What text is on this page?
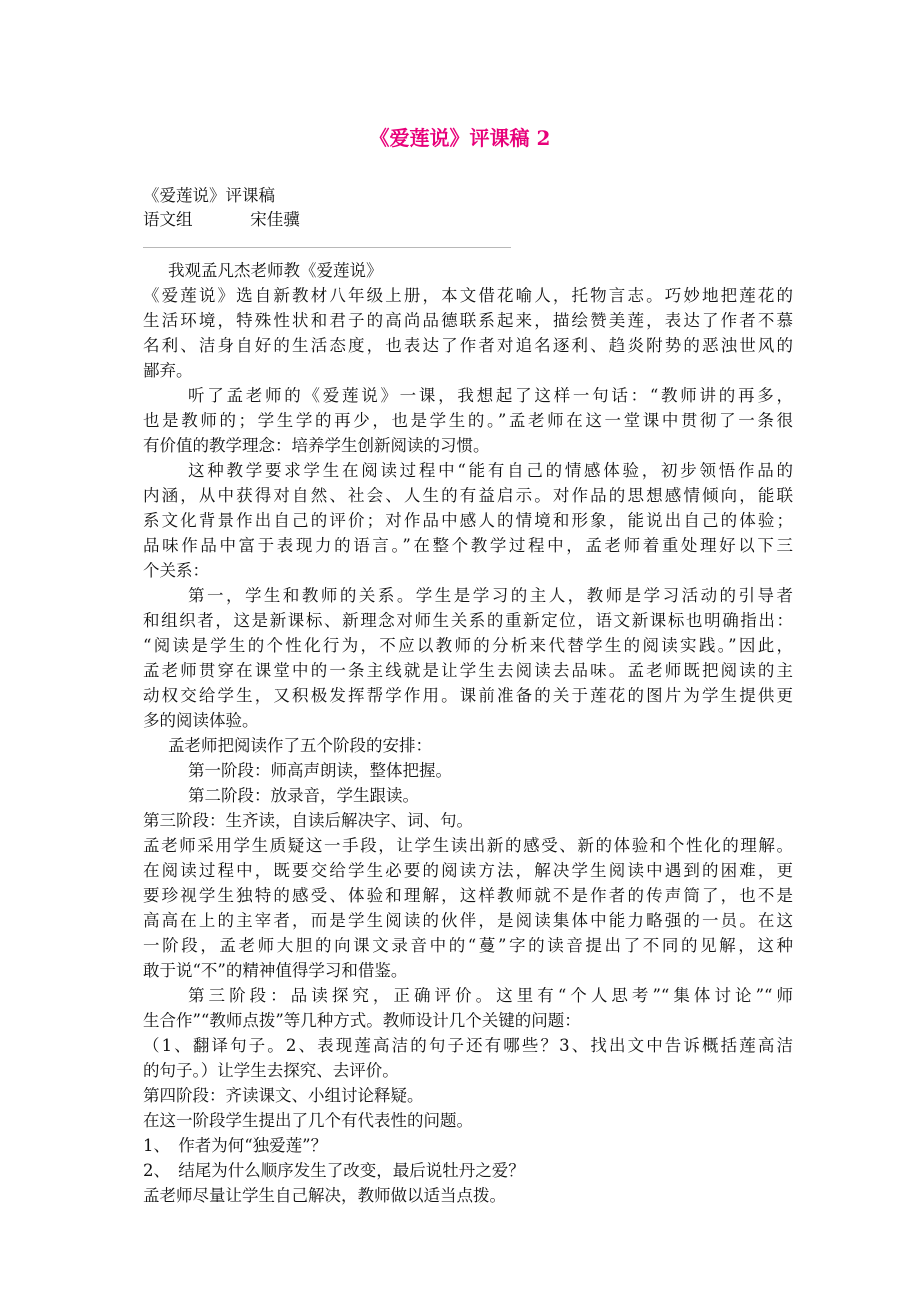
《爱莲说》评课稿 2
《爱莲说》评课稿
语文组　　　 宋佳骥
我观孟凡杰老师教《爱莲说》
《爱莲说》选自新教材八年级上册，本文借花喻人，托物言志。巧妙地把莲花的
生活环境，特殊性状和君子的高尚品德联系起来，描绘赞美莲，表达了作者不慕
名利、洁身自好的生活态度，也表达了作者对追名逐利、趋炎附势的恶浊世风的
鄙弃。
听了孟老师的《爱莲说》一课，我想起了这样一句话：“教师讲的再多，
也是教师的；学生学的再少，也是学生的。”孟老师在这一堂课中贯彻了一条很
有价值的教学理念：培养学生创新阅读的习惯。
这种教学要求学生在阅读过程中“能有自己的情感体验，初步领悟作品的
内涵，从中获得对自然、社会、人生的有益启示。对作品的思想感情倾向，能联
系文化背景作出自己的评价；对作品中感人的情境和形象，能说出自己的体验；
品味作品中富于表现力的语言。”在整个教学过程中，孟老师着重处理好以下三
个关系：
第一，学生和教师的关系。学生是学习的主人，教师是学习活动的引导者
和组织者，这是新课标、新理念对师生关系的重新定位，语文新课标也明确指出：
“阅读是学生的个性化行为，不应以教师的分析来代替学生的阅读实践。”因此，
孟老师贯穿在课堂中的一条主线就是让学生去阅读去品味。孟老师既把阅读的主
动权交给学生，又积极发挥帮学作用。课前准备的关于莲花的图片为学生提供更
多的阅读体验。
孟老师把阅读作了五个阶段的安排：
第一阶段：师高声朗读，整体把握。
第二阶段：放录音，学生跟读。
第三阶段：生齐读，自读后解决字、词、句。
孟老师采用学生质疑这一手段，让学生读出新的感受、新的体验和个性化的理解。
在阅读过程中，既要交给学生必要的阅读方法，解决学生阅读中遇到的困难，更
要珍视学生独特的感受、体验和理解，这样教师就不是作者的传声筒了，也不是
高高在上的主宰者，而是学生阅读的伙伴，是阅读集体中能力略强的一员。在这
一阶段，孟老师大胆的向课文录音中的“蔓”字的读音提出了不同的见解，这种
敢于说“不”的精神值得学习和借鉴。
第三阶段：品读探究，正确评价。这里有“个人思考”“集体讨论”“师
生合作”“教师点拨”等几种方式。教师设计几个关键的问题：
（1、翻译句子。2、表现莲高洁的句子还有哪些？3、找出文中告诉概括莲高洁
的句子。）让学生去探究、去评价。
第四阶段：齐读课文、小组讨论释疑。
在这一阶段学生提出了几个有代表性的问题。
1、　作者为何“独爱莲”？
2、　结尾为什么顺序发生了改变，最后说牡丹之爱？
孟老师尽量让学生自己解决，教师做以适当点拨。
